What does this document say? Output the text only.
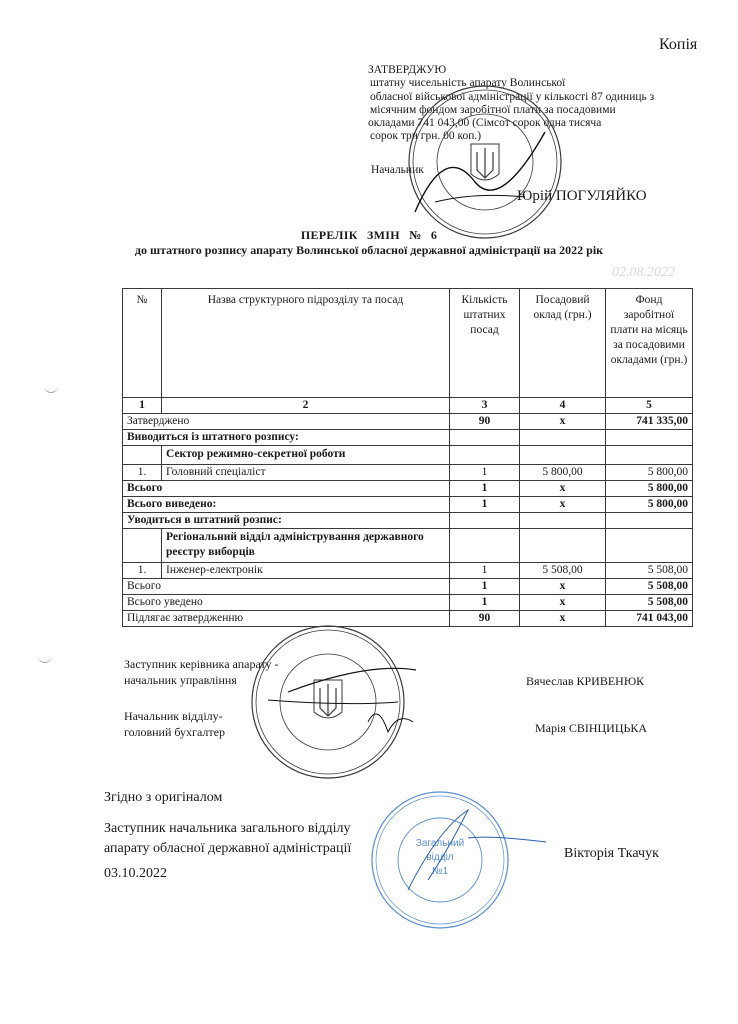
Копія
ЗАТВЕРДЖУЮ
штатну чисельність апарату Волинської
обласної військової адміністрації у кількості 87 одиниць з
місячним фондом заробітної плати за посадовими
окладами 741 043,00 (Сімсот сорок одна тисяча
сорок три грн. 00 коп.)
Начальник
Юрій ПОГУЛЯЙКО
ПЕРЕЛІК ЗМІН № 6
до штатного розпису апарату Волинської обласної державної адміністрації на 2022 рік
02.08.2022
№	Назва структурного підрозділу та посад	Кількість штатних посад	Посадовий оклад (грн.)	Фонд заробітної плати на місяць за посадовими окладами (грн.)
1	2	3	4	5
Затверджено		90	x	741 335,00
Виводиться із штатного розпису:				
	Сектор режимно-секретної роботи			
1.	Головний спеціаліст	1	5 800,00	5 800,00
Всього		1	x	5 800,00
Всього виведено:		1	x	5 800,00
Уводиться в штатний розпис:				
	Регіональний відділ адміністрування державного реєстру виборців			
1.	Інженер-електронік	1	5 508,00	5 508,00
Всього		1	x	5 508,00
Всього уведено		1	x	5 508,00
Підлягає затвердженню		90	x	741 043,00
Заступник керівника апарату -
начальник управління	Вячеслав КРИВЕНЮК
Начальник відділу-
головний бухгалтер	Марія СВІНЦИЦЬКА
Згідно з оригіналом
Заступник начальника загального відділу
апарату обласної державної адміністрації	Вікторія Ткачук
03.10.2022
Загальний
відділ
№1
